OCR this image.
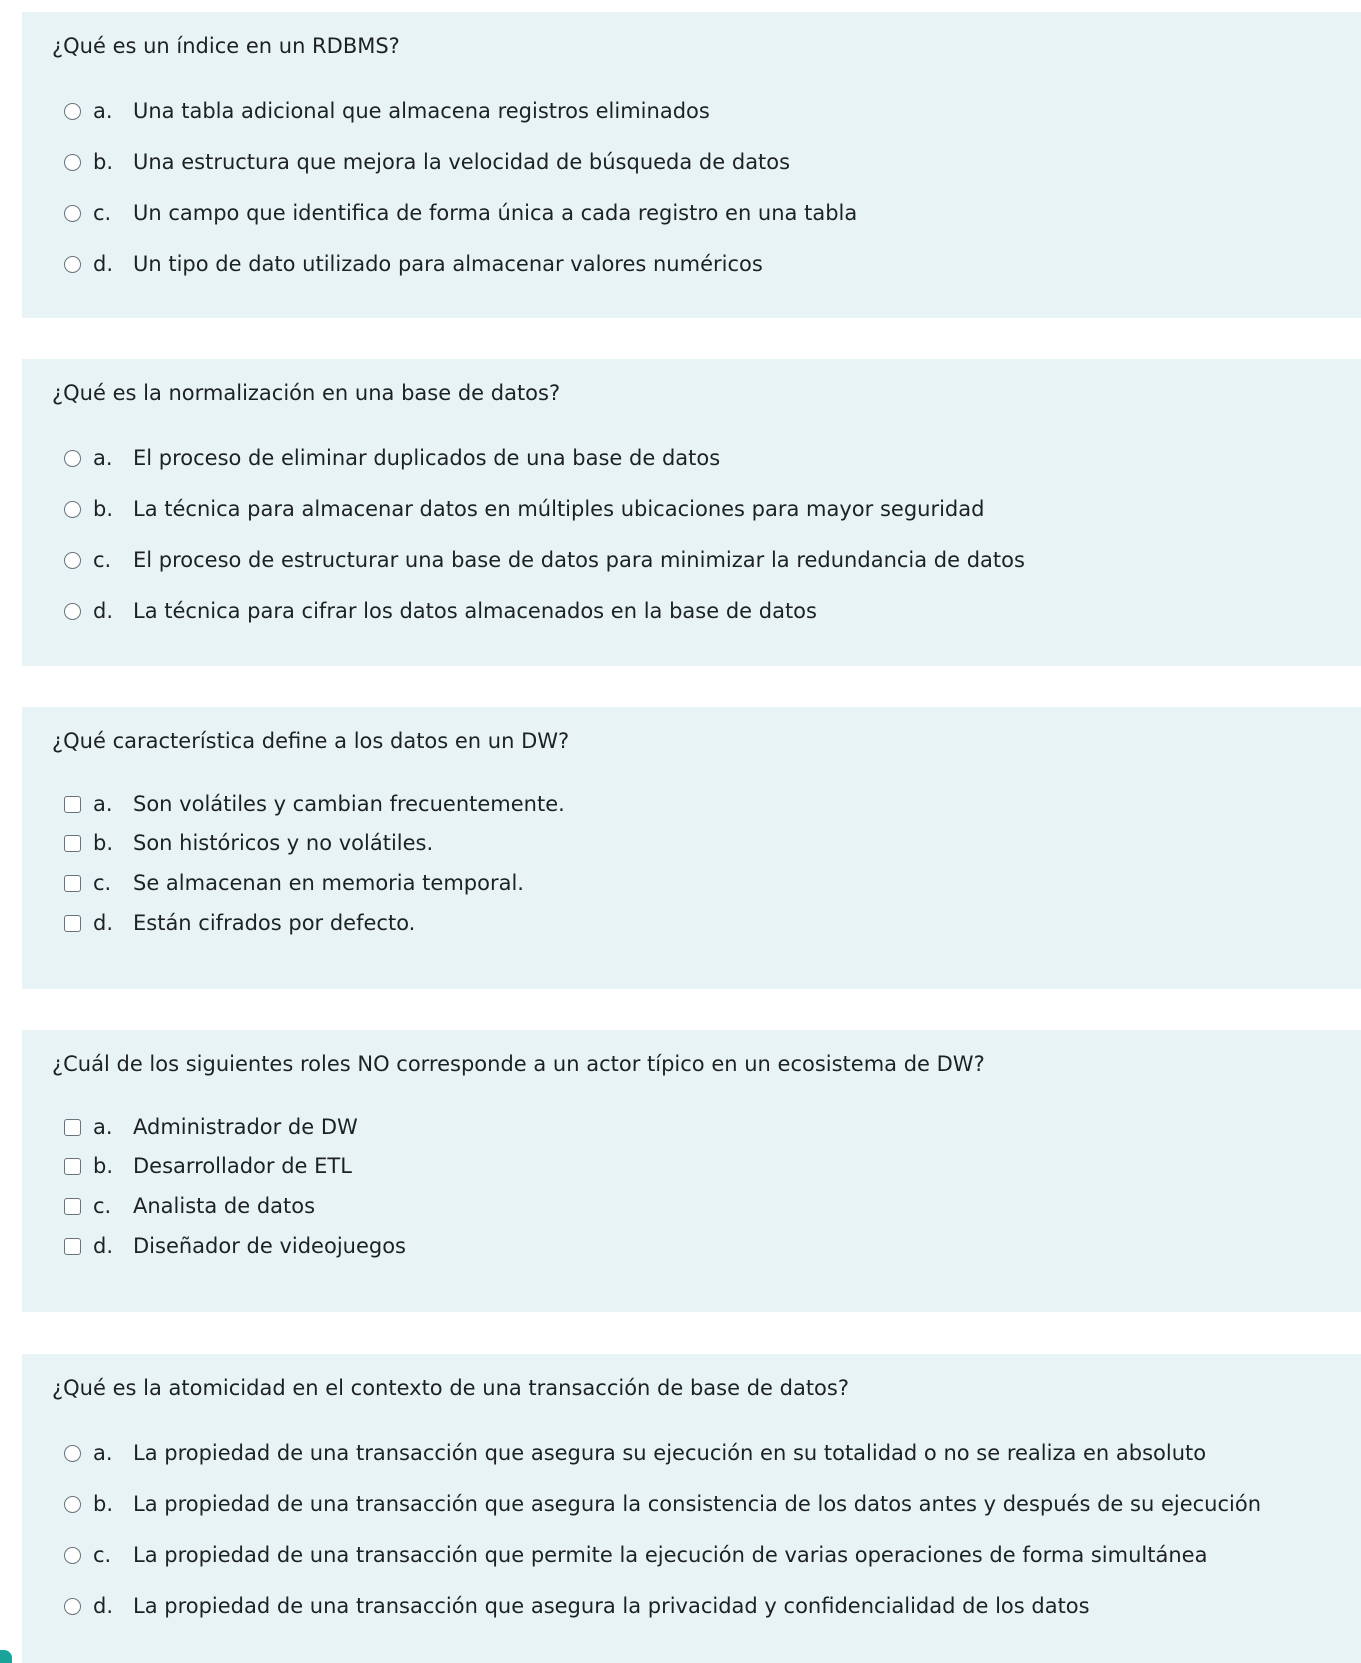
¿Qué es un índice en un RDBMS?
a. Una tabla adicional que almacena registros eliminados
b. Una estructura que mejora la velocidad de búsqueda de datos
c.	Un campo que identifica de forma única a cada registro en una tabla
d. Un tipo de dato utilizado para almacenar valores numéricos
¿Qué es la normalización en una base de datos?
a. El proceso de eliminar duplicados de una base de datos
b. La técnica para almacenar datos en múltiples ubicaciones para mayor seguridad
c.	El proceso de estructurar una base de datos para minimizar la redundancia de datos
d. La técnica para cifrar los datos almacenados en la base de datos
¿Qué característica define a los datos en un DW?
a. Son volátiles y cambian frecuentemente.
b. Son históricos y no volátiles.
c.	Se almacenan en memoria temporal.
d. Están cifrados por defecto.
¿Cuál de los siguientes roles NO corresponde a un actor típico en un ecosistema de DW?
a. Administrador de DW
b. Desarrollador de ETL
c.	Analista de datos
d. Diseñador de videojuegos
¿Qué es la atomicidad en el contexto de una transacción de base de datos?
a. La propiedad de una transacción que asegura su ejecución en su totalidad o no se realiza en absoluto
b. La propiedad de una transacción que asegura la consistencia de los datos antes y después de su ejecución
c.	La propiedad de una transacción que permite la ejecución de varias operaciones de forma simultánea
d. La propiedad de una transacción que asegura la privacidad y confidencialidad de los datos
